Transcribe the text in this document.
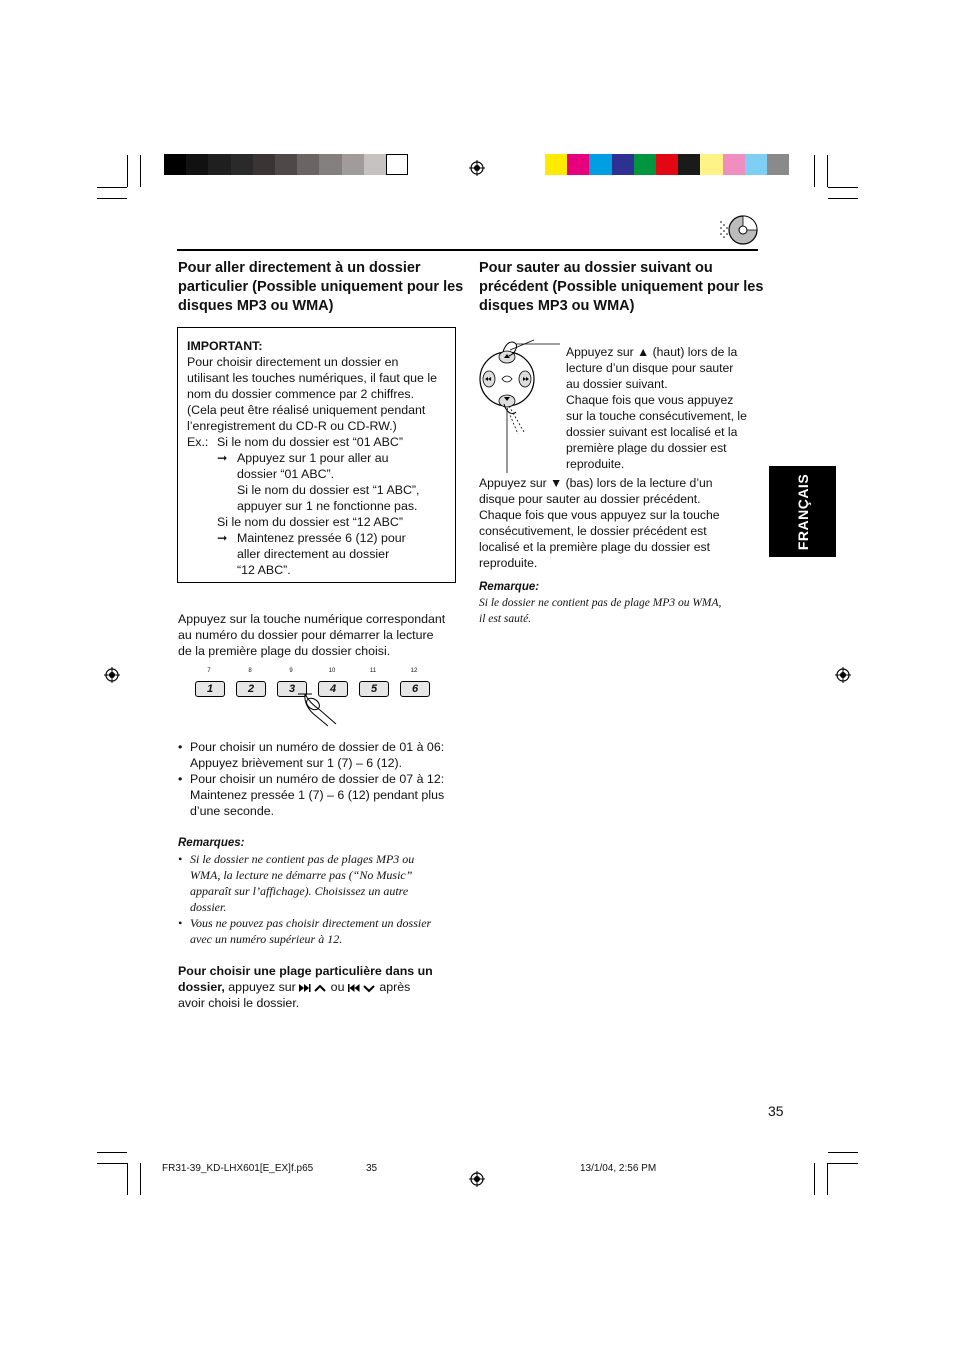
Pour aller directement à un dossier
particulier (Possible uniquement pour les
disques MP3 ou WMA)
IMPORTANT:
Pour choisir directement un dossier en
utilisant les touches numériques, il faut que le
nom du dossier commence par 2 chiffres.
(Cela peut être réalisé uniquement pendant
l’enregistrement du CD-R ou CD-RW.)
Ex.: Si le nom du dossier est “01 ABC”
➞ Appuyez sur 1 pour aller au
dossier “01 ABC”.
Si le nom du dossier est “1 ABC”,
appuyer sur 1 ne fonctionne pas.
Si le nom du dossier est “12 ABC”
➞ Maintenez pressée 6 (12) pour
aller directement au dossier
“12 ABC”.
Appuyez sur la touche numérique correspondant
au numéro du dossier pour démarrer la lecture
de la première plage du dossier choisi.
7	8	9	10	11	12
1	2	3	4	5	6
• Pour choisir un numéro de dossier de 01 à 06:
Appuyez brièvement sur 1 (7) – 6 (12).
• Pour choisir un numéro de dossier de 07 à 12:
Maintenez pressée 1 (7) – 6 (12) pendant plus
d’une seconde.
Remarques:
• Si le dossier ne contient pas de plages MP3 ou
WMA, la lecture ne démarre pas (“No Music”
apparaît sur l’affichage). Choisissez un autre
dossier.
• Vous ne pouvez pas choisir directement un dossier
avec un numéro supérieur à 12.
Pour choisir une plage particulière dans un
dossier, appuyez sur  ou  après
avoir choisi le dossier.
Pour sauter au dossier suivant ou
précédent (Possible uniquement pour les
disques MP3 ou WMA)
Appuyez sur ▲ (haut) lors de la
lecture d’un disque pour sauter
au dossier suivant.
Chaque fois que vous appuyez
sur la touche consécutivement, le
dossier suivant est localisé et la
première plage du dossier est
reproduite.
Appuyez sur ▼ (bas) lors de la lecture d’un
disque pour sauter au dossier précédent.
Chaque fois que vous appuyez sur la touche
consécutivement, le dossier précédent est
localisé et la première plage du dossier est
reproduite.
Remarque:
Si le dossier ne contient pas de plage MP3 ou WMA,
il est sauté.
FRANÇAIS
35
FR31-39_KD-LHX601[E_EX]f.p65	35	13/1/04, 2:56 PM
